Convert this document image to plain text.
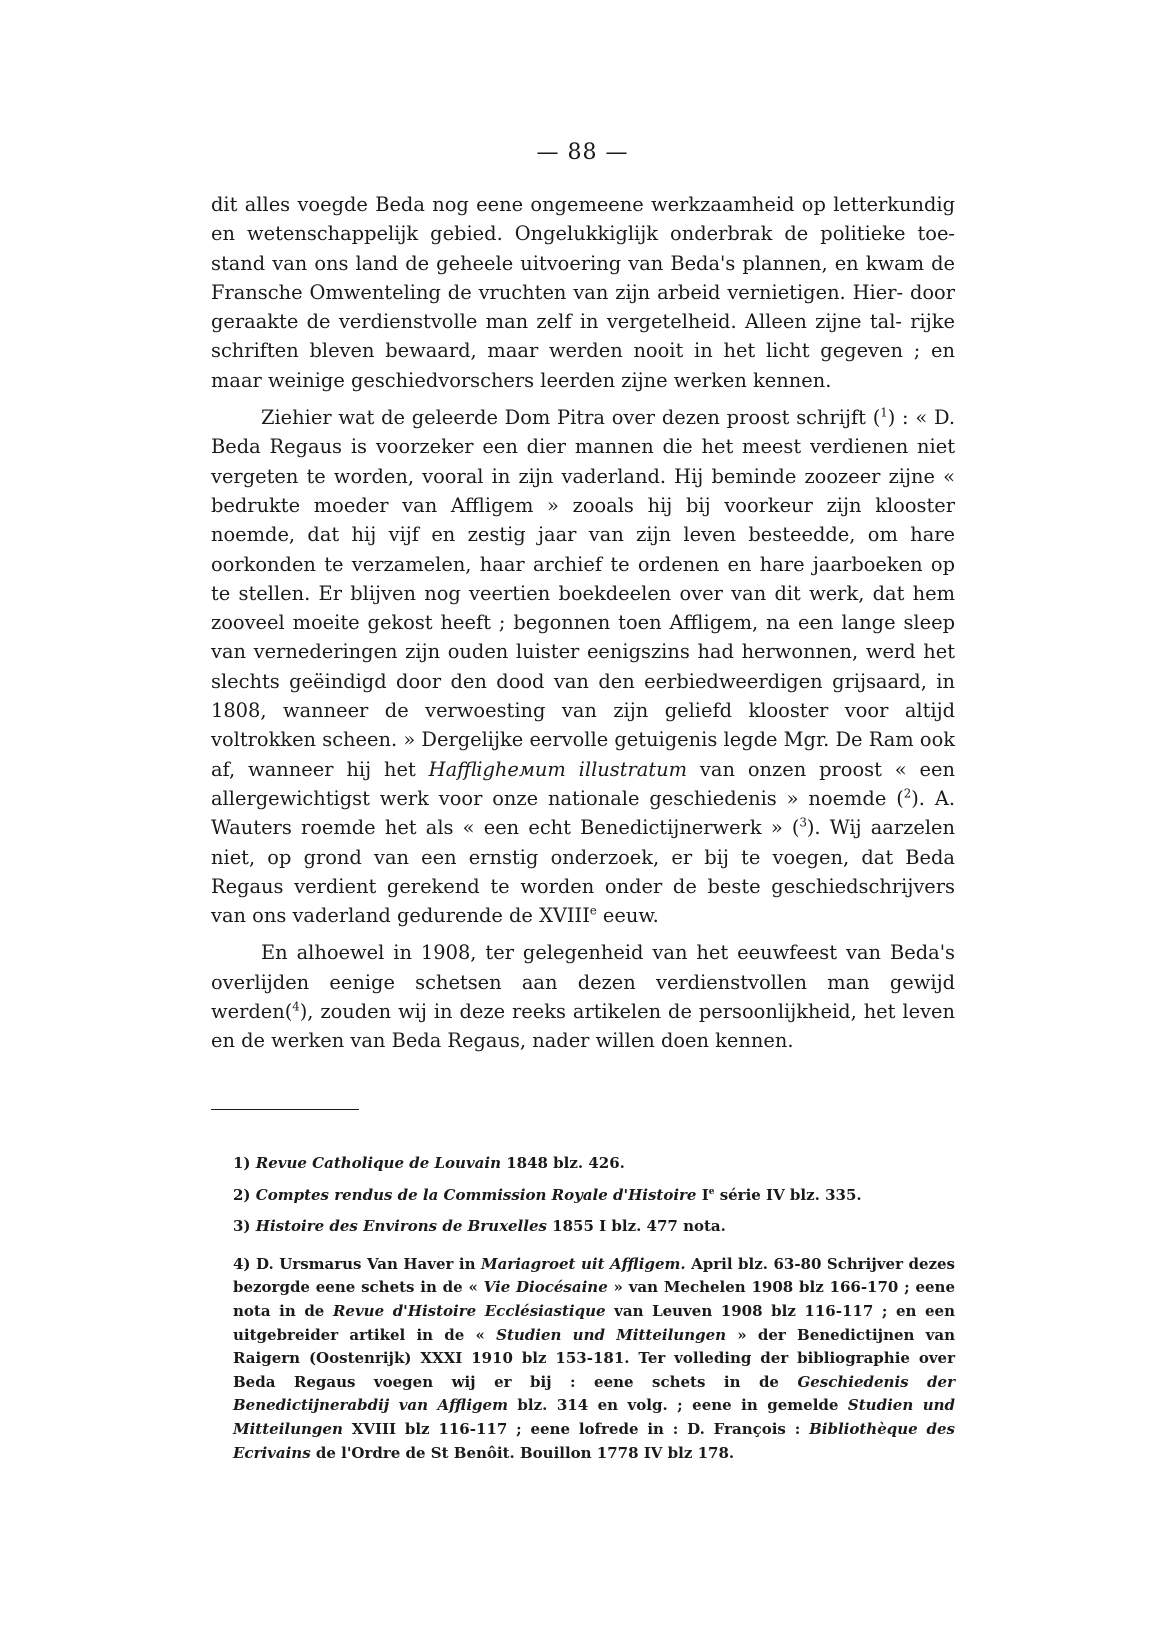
— 88 —

dit alles voegde Beda nog eene ongemeene werkzaamheid op letterkundig en wetenschappelijk gebied. Ongelukkiglijk onderbrak de politieke toe- stand van ons land de geheele uitvoering van Beda's plannen, en kwam de Fransche Omwenteling de vruchten van zijn arbeid vernietigen. Hier- door geraakte de verdienstvolle man zelf in vergetelheid. Alleen zijne tal- rijke schriften bleven bewaard, maar werden nooit in het licht gegeven ; en maar weinige geschiedvorschers leerden zijne werken kennen.

Ziehier wat de geleerde Dom Pitra over dezen proost schrijft ($^1$) : « D. Beda Regaus is voorzeker een dier mannen die het meest verdienen niet vergeten te worden, vooral in zijn vaderland. Hij beminde zoozeer zijne « bedrukte moeder van Affligem » zooals hij bij voorkeur zijn klooster noemde, dat hij vijf en zestig jaar van zijn leven besteedde, om hare oorkonden te verzamelen, haar archief te ordenen en hare jaarboeken op te stellen. Er blijven nog veertien boekdeelen over van dit werk, dat hem zooveel moeite gekost heeft ; begonnen toen Affligem, na een lange sleep van vernederingen zijn ouden luister eenigszins had herwonnen, werd het slechts geëindigd door den dood van den eerbiedweerdigen grijsaard, in 1808, wanneer de verwoesting van zijn geliefd klooster voor altijd voltrokken scheen. » Dergelijke eervolle getuigenis legde Mgr. De Ram ook af, wanneer hij het Haffligheмum illustratum van onzen proost « een allergewichtigst werk voor onze nationale geschiedenis » noemde ($^2$). A. Wauters roemde het als « een echt Benedictijnerwerk » ($^3$). Wij aarzelen niet, op grond van een ernstig onderzoek, er bij te voegen, dat Beda Regaus verdient gerekend te worden onder de beste geschiedschrijvers van ons vaderland gedurende de XVIIIe eeuw.

En alhoewel in 1908, ter gelegenheid van het eeuwfeest van Beda's overlijden eenige schetsen aan dezen verdienstvollen man gewijd werden($^4$), zouden wij in deze reeks artikelen de persoonlijkheid, het leven en de werken van Beda Regaus, nader willen doen kennen.

1) Revue Catholique de Louvain 1848 blz. 426.

2) Comptes rendus de la Commission Royale d'Histoire Ie série IV blz. 335.

3) Histoire des Environs de Bruxelles 1855 I blz. 477 nota.

4) D. Ursmarus Van Haver in Mariagroet uit Affligem. April blz. 63-80 Schrijver dezes bezorgde eene schets in de « Vie Diocésaine » van Mechelen 1908 blz 166-170 ; eene nota in de Revue d'Histoire Ecclésiastique van Leuven 1908 blz 116-117 ; en een uitgebreider artikel in de « Studien und Mitteilungen » der Benedictijnen van Raigern (Oostenrijk) XXXI 1910 blz 153-181. Ter volleding der bibliographie over Beda Regaus voegen wij er bij : eene schets in de Geschiedenis der Benedictijnerabdij van Affligem blz. 314 en volg. ; eene in gemelde Studien und Mitteilungen XVIII blz 116-117 ; eene lofrede in : D. François : Bibliothèque des Ecrivains de l'Ordre de St Benôit. Bouillon 1778 IV blz 178.
